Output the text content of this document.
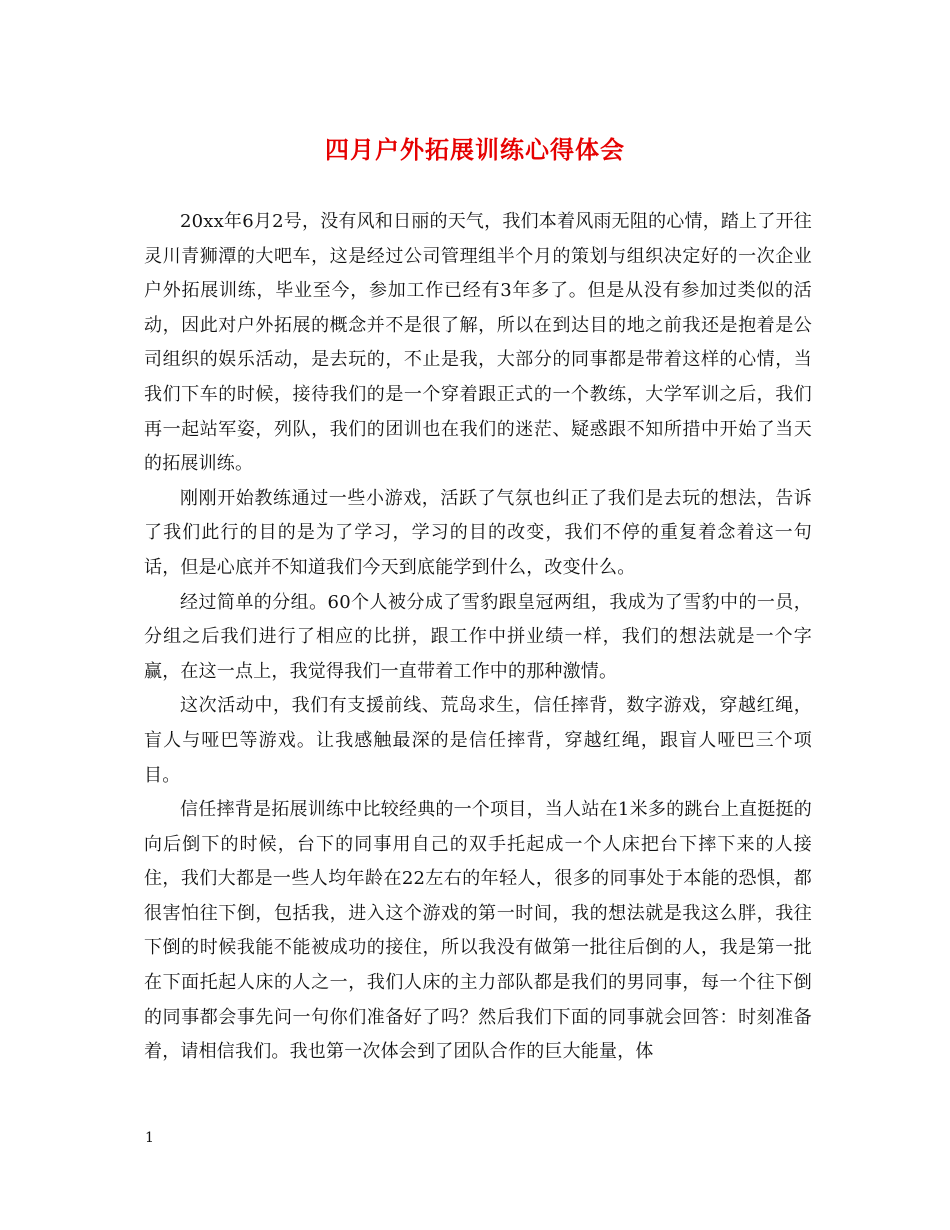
四月户外拓展训练心得体会

20xx年6月2号，没有风和日丽的天气，我们本着风雨无阻的心情，踏上了开往灵川青狮潭的大吧车，这是经过公司管理组半个月的策划与组织决定好的一次企业户外拓展训练，毕业至今，参加工作已经有3年多了。但是从没有参加过类似的活动，因此对户外拓展的概念并不是很了解，所以在到达目的地之前我还是抱着是公司组织的娱乐活动，是去玩的，不止是我，大部分的同事都是带着这样的心情，当我们下车的时候，接待我们的是一个穿着跟正式的一个教练，大学军训之后，我们再一起站军姿，列队，我们的团训也在我们的迷茫、疑惑跟不知所措中开始了当天的拓展训练。

刚刚开始教练通过一些小游戏，活跃了气氛也纠正了我们是去玩的想法，告诉了我们此行的目的是为了学习，学习的目的改变，我们不停的重复着念着这一句话，但是心底并不知道我们今天到底能学到什么，改变什么。

经过简单的分组。60个人被分成了雪豹跟皇冠两组，我成为了雪豹中的一员，分组之后我们进行了相应的比拼，跟工作中拼业绩一样，我们的想法就是一个字赢，在这一点上，我觉得我们一直带着工作中的那种激情。

这次活动中，我们有支援前线、荒岛求生，信任摔背，数字游戏，穿越红绳，盲人与哑巴等游戏。让我感触最深的是信任摔背，穿越红绳，跟盲人哑巴三个项目。

信任摔背是拓展训练中比较经典的一个项目，当人站在1米多的跳台上直挺挺的向后倒下的时候，台下的同事用自己的双手托起成一个人床把台下摔下来的人接住，我们大都是一些人均年龄在22左右的年轻人，很多的同事处于本能的恐惧，都很害怕往下倒，包括我，进入这个游戏的第一时间，我的想法就是我这么胖，我往下倒的时候我能不能被成功的接住，所以我没有做第一批往后倒的人，我是第一批在下面托起人床的人之一，我们人床的主力部队都是我们的男同事，每一个往下倒的同事都会事先问一句你们准备好了吗？然后我们下面的同事就会回答：时刻准备着，请相信我们。我也第一次体会到了团队合作的巨大能量，体

1
